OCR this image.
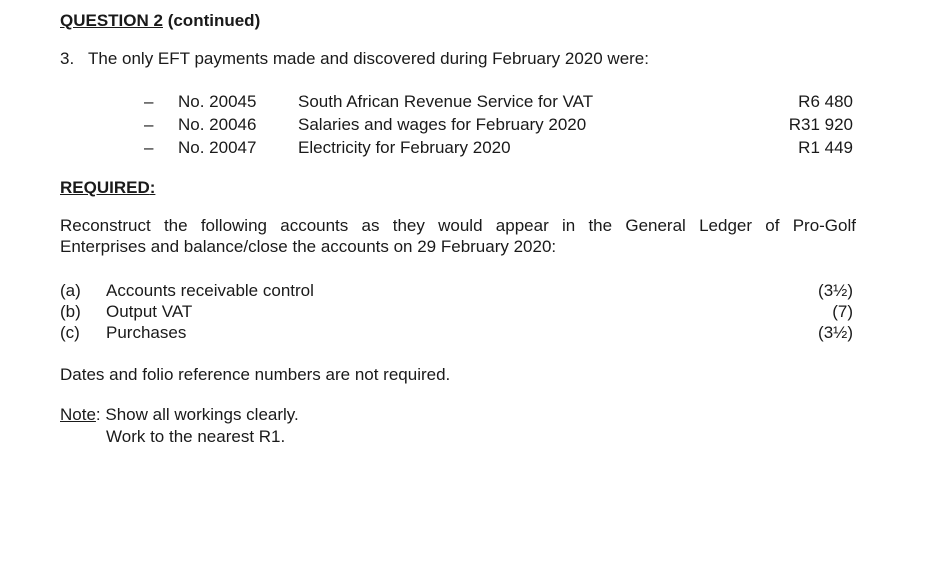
QUESTION 2 (continued)
3. The only EFT payments made and discovered during February 2020 were:
– No. 20045 South African Revenue Service for VAT	R6 480
– No. 20046 Salaries and wages for February 2020	R31 920
– No. 20047 Electricity for February 2020	R1 449
REQUIRED:
Reconstruct the following accounts as they would appear in the General Ledger of Pro-Golf
Enterprises and balance/close the accounts on 29 February 2020:
(a) Accounts receivable control	(3½)
(b) Output VAT	(7)
(c) Purchases	(3½)
Dates and folio reference numbers are not required.
Note: Show all workings clearly.
Work to the nearest R1.
